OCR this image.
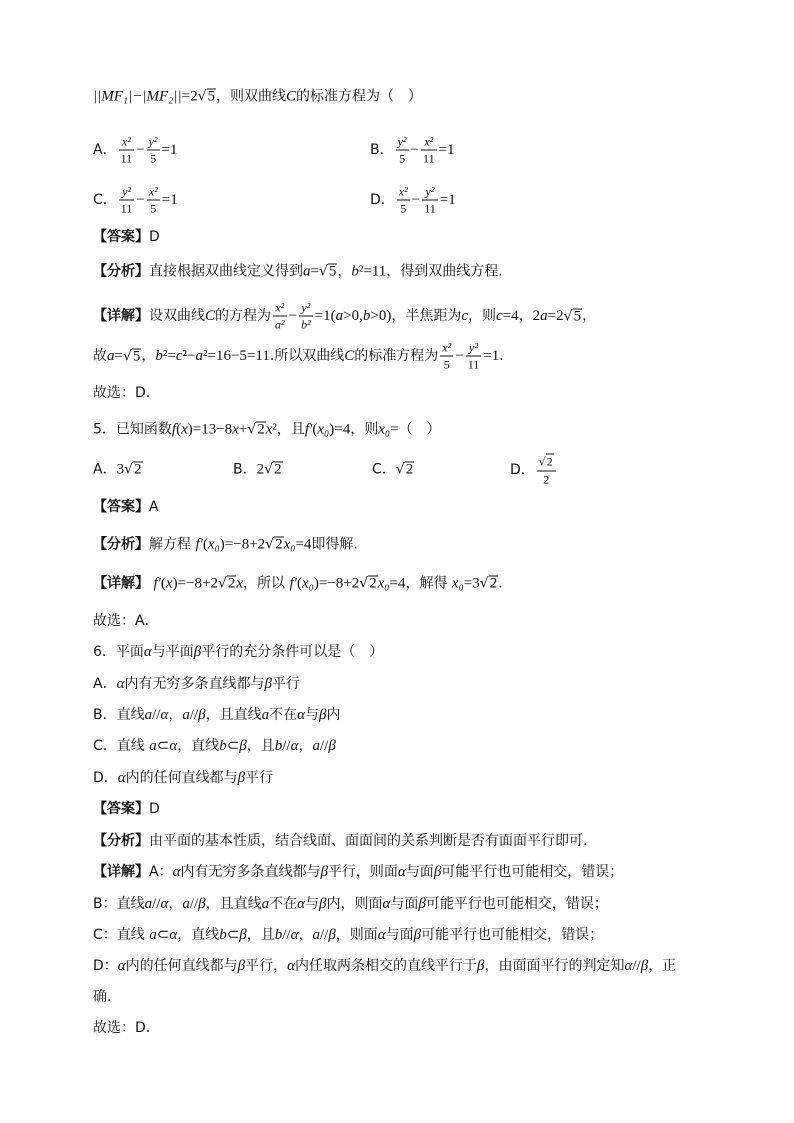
||MF₁|−|MF₂||=2 √ 5，则双曲线C的标准方程为（　）
A． $\frac{\text{x²}}{11} - \frac{\text{y²}}{5} =1$	B． $\frac{\text{y²}}{5} - \frac{\text{x²}}{11} =1$
C． $\frac{\text{y²}}{11} - \frac{\text{x²}}{5} =1$	D． $\frac{\text{x²}}{5} - \frac{\text{y²}}{11} =1$
【答案】D
【分析】直接根据双曲线定义得到a= √ 5，b²=11，得到双曲线方程.
【详解】设双曲线C的方程为 $\frac{\text{x²}}{\text{a²}} - \frac{\text{y²}}{\text{b²}} =1(a>0,b>0)$，半焦距为c，则c=4，2a=2 √ 5，
故a= √ 5，b²=c²−a²=16−5=11.所以双曲线C的标准方程为 $\frac{\text{x²}}{5} - \frac{\text{y²}}{11} =1$.
故选：D.
5．已知函数f(x)=13−8x+ √ 2x²，且f′(x₀)=4，则x₀=（　）
A．3 √ 2	B．2 √ 2	C． √ 2	D． √ $\frac{2}{2}$
【答案】A
【分析】解方程 f′(x₀)=−8+2 √ 2x₀=4即得解.
【详解】 f′(x)=−8+2 √ 2x，所以 f′(x₀)=−8+2 √ 2x₀=4，解得 x₀=3 √ 2．
故选：A．
6．平面α与平面β平行的充分条件可以是（　）
A．α内有无穷多条直线都与β平行
B．直线a//α，a//β，且直线a不在α与β内
C．直线 a⊂α，直线b⊂β，且b//α，a//β
D．α内的任何直线都与β平行
【答案】D
【分析】由平面的基本性质，结合线面、面面间的关系判断是否有面面平行即可.
【详解】A：α内有无穷多条直线都与β平行，则面α与面β可能平行也可能相交，错误；
B：直线a//α，a//β，且直线a不在α与β内，则面α与面β可能平行也可能相交，错误；
C：直线 a⊂α，直线b⊂β，且b//α，a//β，则面α与面β可能平行也可能相交，错误；
D：α内的任何直线都与β平行，α内任取两条相交的直线平行于β，由面面平行的判定知α//β，正
确.
故选：D.
